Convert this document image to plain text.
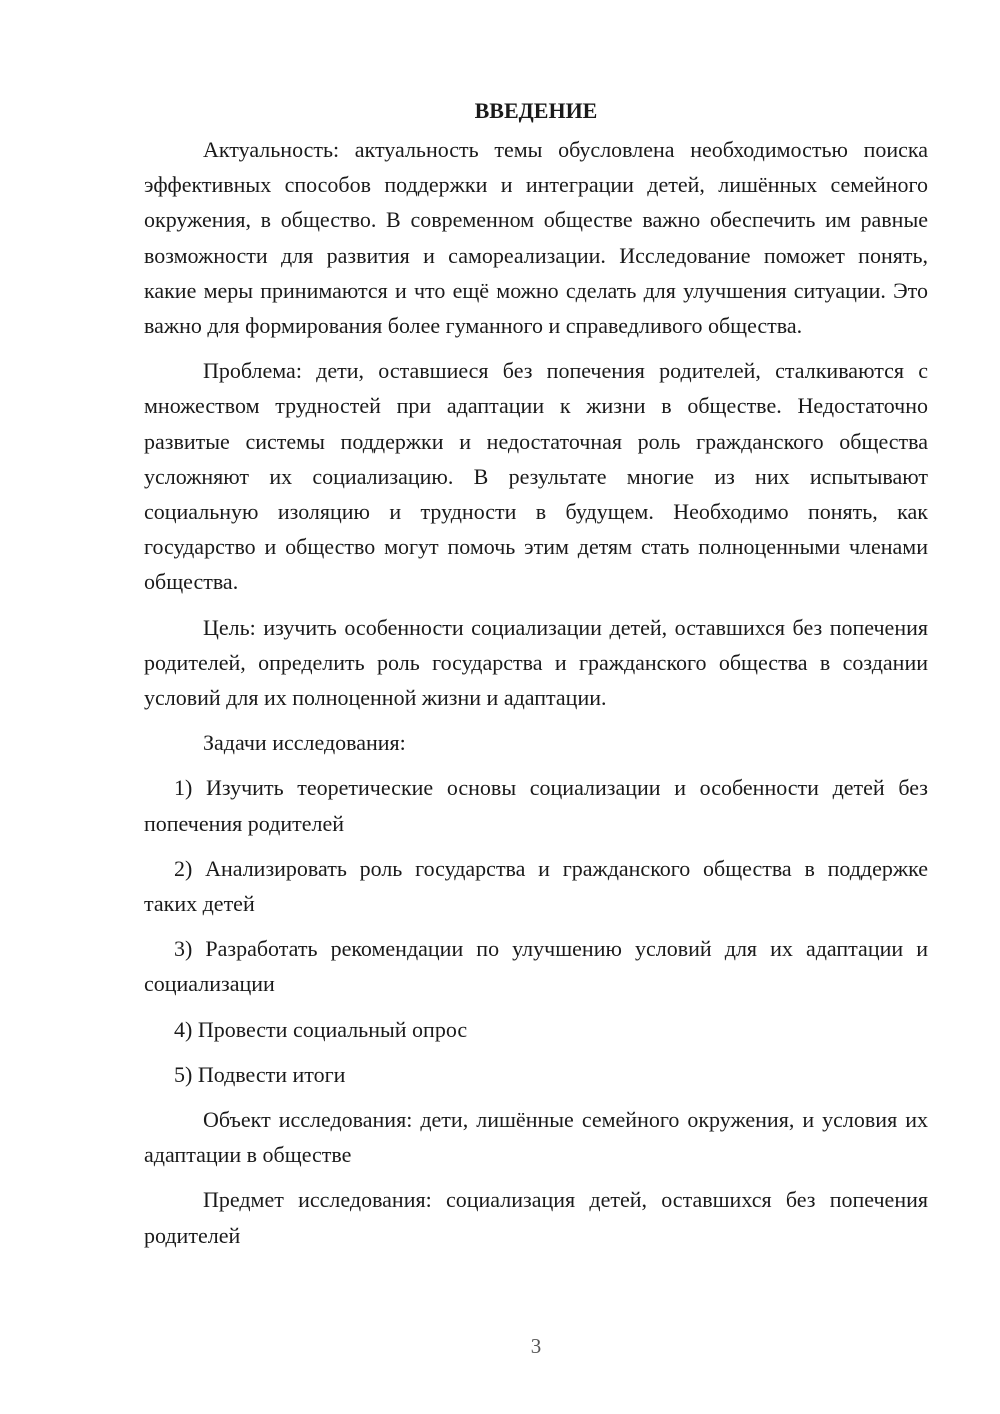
ВВЕДЕНИЕ

Актуальность: актуальность темы обусловлена необходимостью поиска эффективных способов поддержки и интеграции детей, лишённых семейного окружения, в общество. В современном обществе важно обеспечить им равные возможности для развития и самореализации. Исследование поможет понять, какие меры принимаются и что ещё можно сделать для улучшения ситуации. Это важно для формирования более гуманного и справедливого общества.

Проблема: дети, оставшиеся без попечения родителей, сталкиваются с множеством трудностей при адаптации к жизни в обществе. Недостаточно развитые системы поддержки и недостаточная роль гражданского общества усложняют их социализацию. В результате многие из них испытывают социальную изоляцию и трудности в будущем. Необходимо понять, как государство и общество могут помочь этим детям стать полноценными членами общества.

Цель: изучить особенности социализации детей, оставшихся без попечения родителей, определить роль государства и гражданского общества в создании условий для их полноценной жизни и адаптации.

Задачи исследования:

1) Изучить теоретические основы социализации и особенности детей без попечения родителей

2) Анализировать роль государства и гражданского общества в поддержке таких детей

3) Разработать рекомендации по улучшению условий для их адаптации и социализации

4) Провести социальный опрос

5) Подвести итоги

Объект исследования: дети, лишённые семейного окружения, и условия их адаптации в обществе

Предмет исследования: социализация детей, оставшихся без попечения родителей

3
